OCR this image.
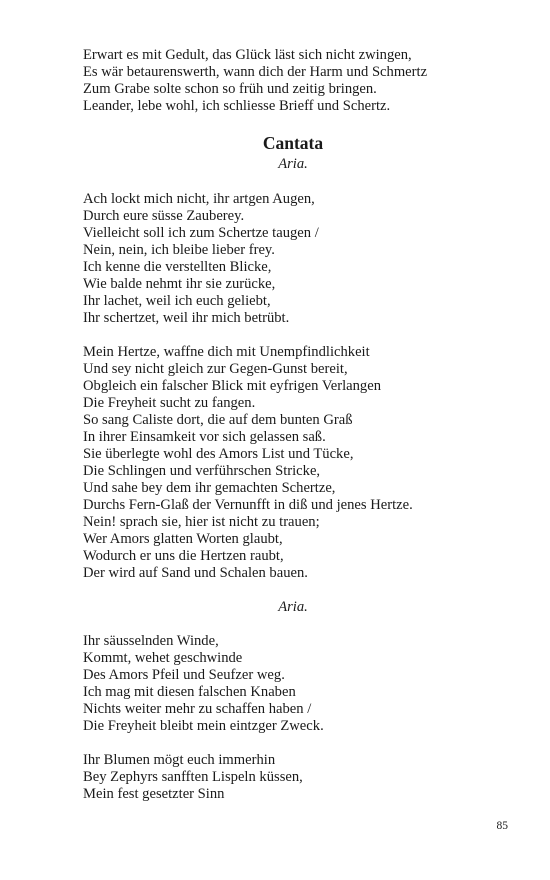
Erwart es mit Gedult, das Glück läst sich nicht zwingen,
Es wär betaurenswerth, wann dich der Harm und Schmertz
Zum Grabe solte schon so früh und zeitig bringen.
Leander, lebe wohl, ich schliesse Brieff und Schertz.
Cantata
Aria.
Ach lockt mich nicht, ihr artgen Augen,
Durch eure süsse Zauberey.
Vielleicht soll ich zum Schertze taugen /
Nein, nein, ich bleibe lieber frey.
Ich kenne die verstellten Blicke,
Wie balde nehmt ihr sie zurücke,
Ihr lachet, weil ich euch geliebt,
Ihr schertzet, weil ihr mich betrübt.
Mein Hertze, waffne dich mit Unempfindlichkeit
Und sey nicht gleich zur Gegen-Gunst bereit,
Obgleich ein falscher Blick mit eyfrigen Verlangen
Die Freyheit sucht zu fangen.
So sang Caliste dort, die auf dem bunten Graß
In ihrer Einsamkeit vor sich gelassen saß.
Sie überlegte wohl des Amors List und Tücke,
Die Schlingen und verführschen Stricke,
Und sahe bey dem ihr gemachten Schertze,
Durchs Fern-Glaß der Vernunfft in diß und jenes Hertze.
Nein! sprach sie, hier ist nicht zu trauen;
Wer Amors glatten Worten glaubt,
Wodurch er uns die Hertzen raubt,
Der wird auf Sand und Schalen bauen.
Aria.
Ihr säusselnden Winde,
Kommt, wehet geschwinde
Des Amors Pfeil und Seufzer weg.
Ich mag mit diesen falschen Knaben
Nichts weiter mehr zu schaffen haben /
Die Freyheit bleibt mein eintzger Zweck.
Ihr Blumen mögt euch immerhin
Bey Zephyrs sanfften Lispeln küssen,
Mein fest gesetzter Sinn
85
